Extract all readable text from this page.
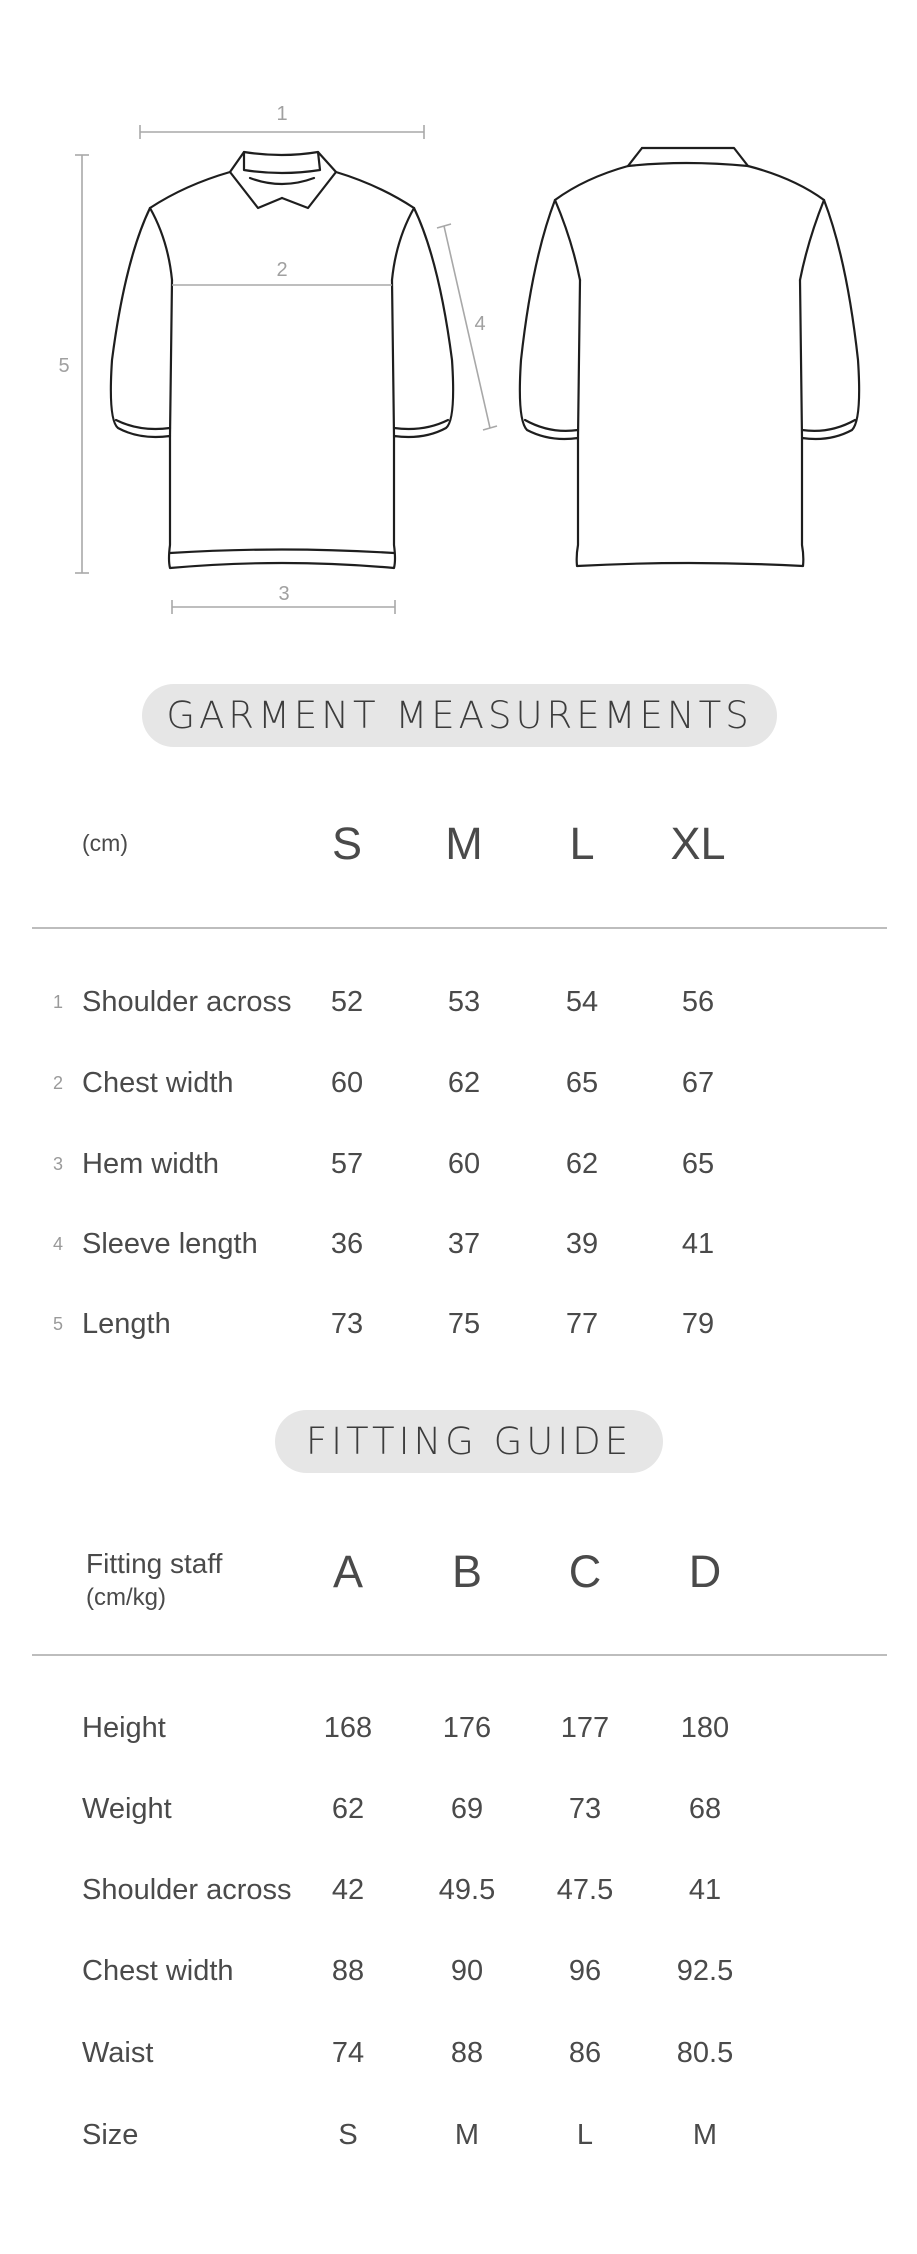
1
2
3
4
5
GARMENT MEASUREMENTS
(cm)	S	M	L	XL
1 Shoulder across	52	53	54	56
2 Chest width	60	62	65	67
3 Hem width	57	60	62	65
4 Sleeve length	36	37	39	41
5 Length	73	75	77	79
FITTING GUIDE
Fitting staff
(cm/kg)
A	B	C	D
Height	168	176	177	180
Weight	62	69	73	68
Shoulder across	42	49.5	47.5	41
Chest width	88	90	96	92.5
Waist	74	88	86	80.5
Size	S	M	L	M
